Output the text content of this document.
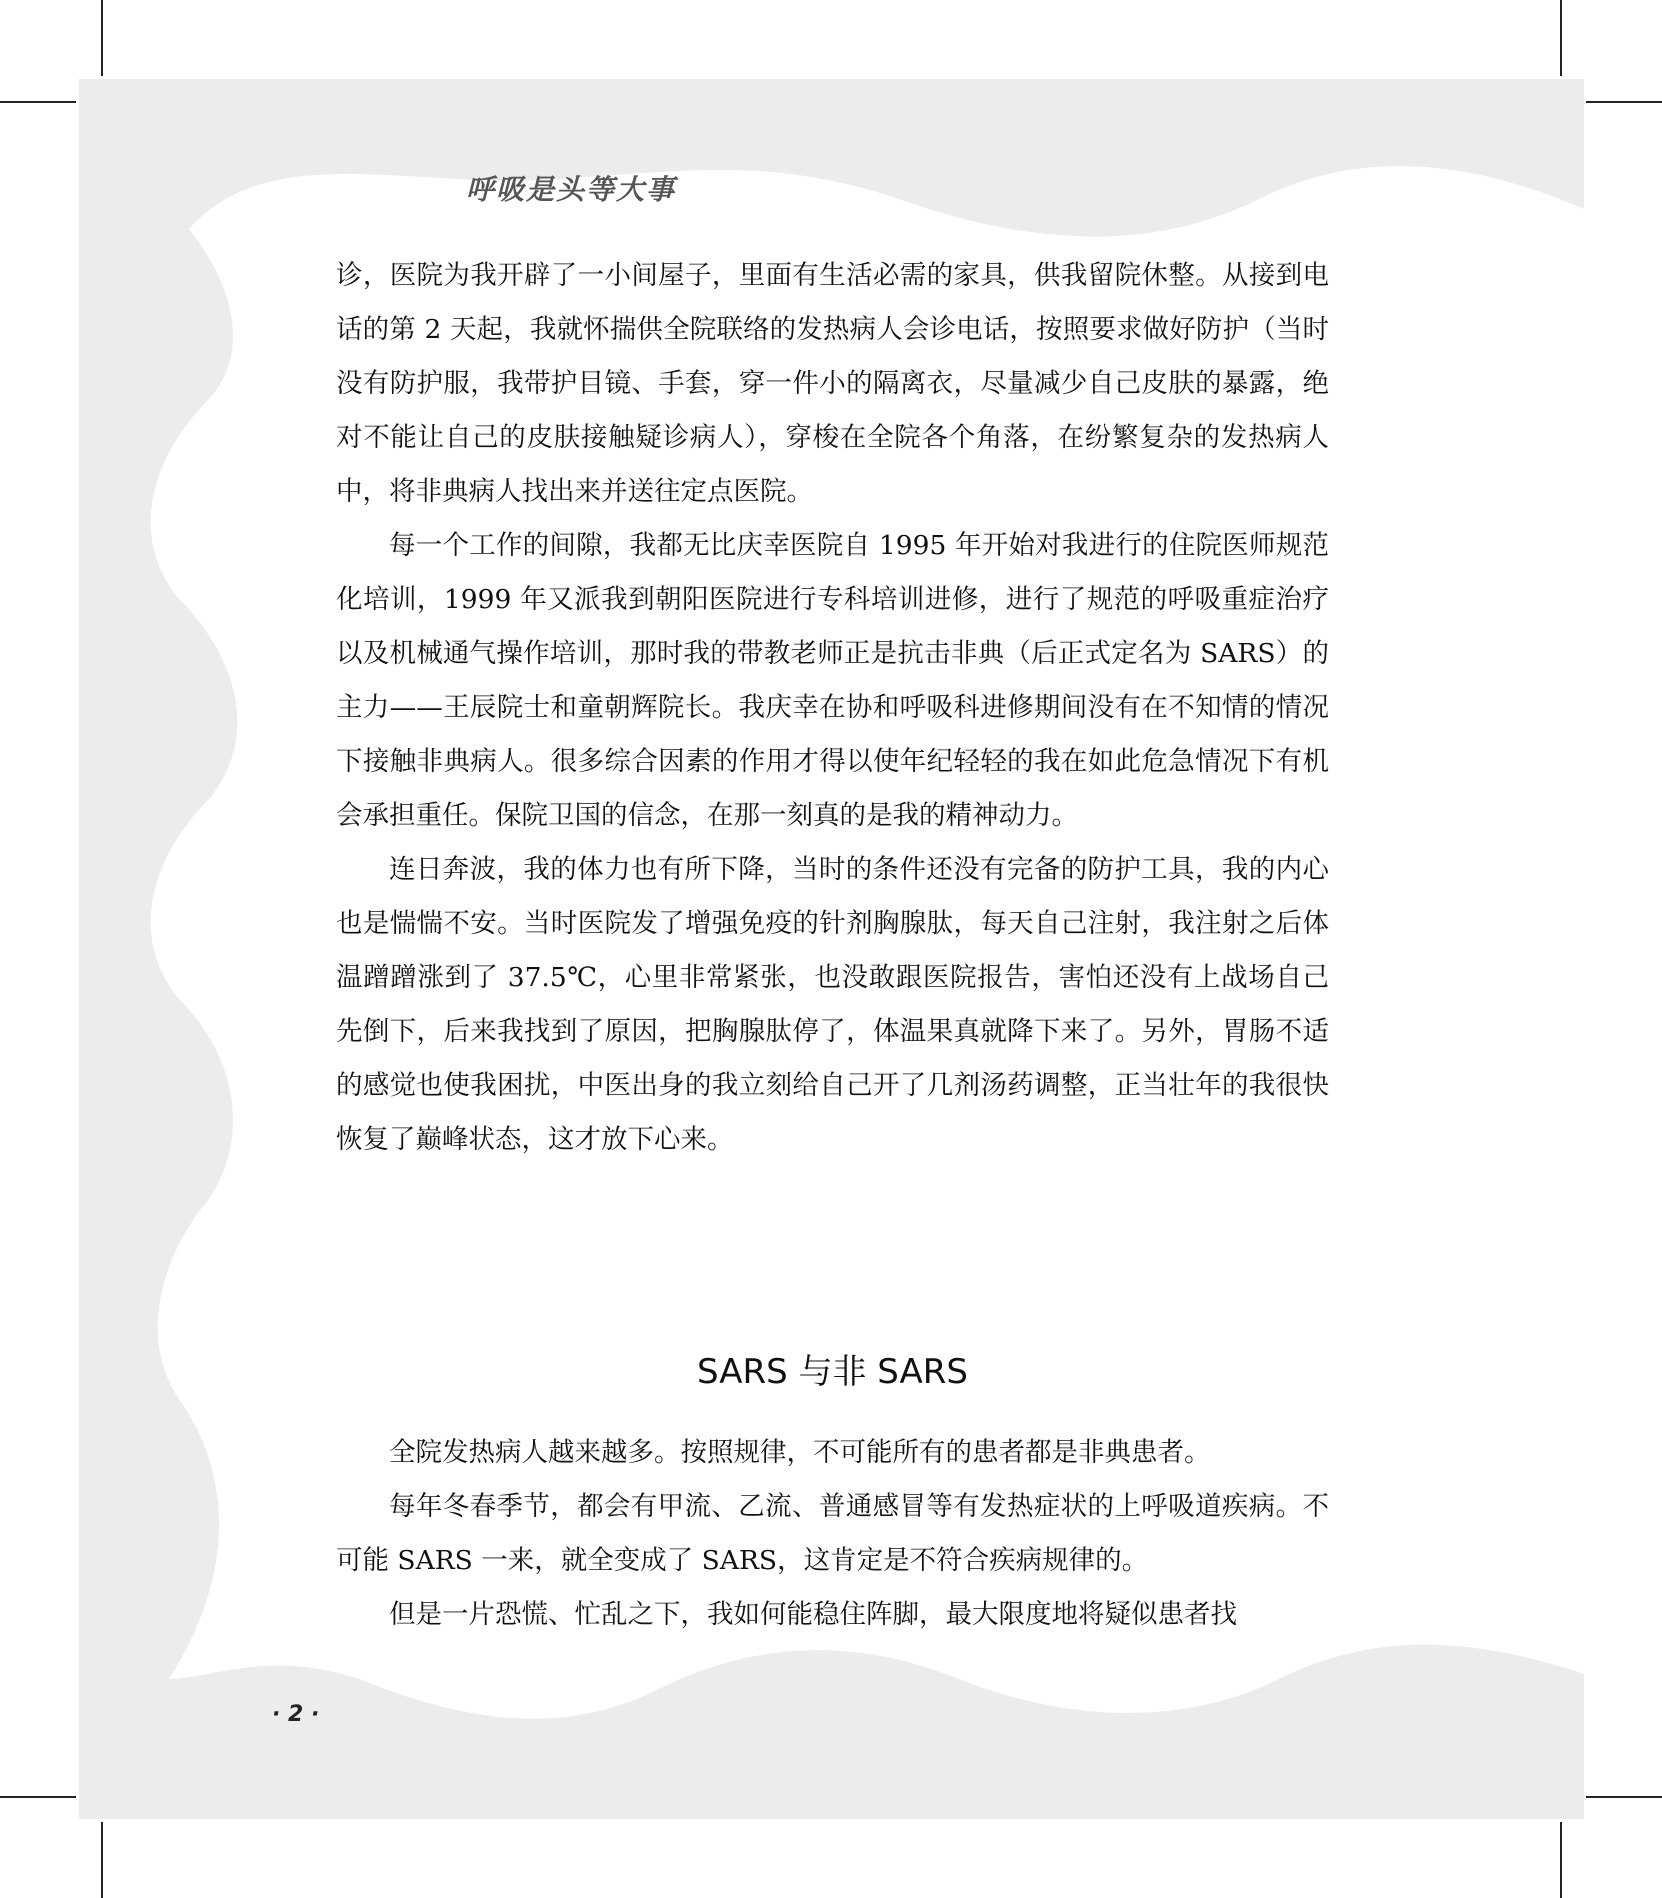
呼吸是头等大事

诊，医院为我开辟了一小间屋子，里面有生活必需的家具，供我留院休整。从接到电话的第 2 天起，我就怀揣供全院联络的发热病人会诊电话，按照要求做好防护（当时没有防护服，我带护目镜、手套，穿一件小的隔离衣，尽量减少自己皮肤的暴露，绝对不能让自己的皮肤接触疑诊病人），穿梭在全院各个角落，在纷繁复杂的发热病人中，将非典病人找出来并送往定点医院。

每一个工作的间隙，我都无比庆幸医院自 1995 年开始对我进行的住院医师规范化培训，1999 年又派我到朝阳医院进行专科培训进修，进行了规范的呼吸重症治疗以及机械通气操作培训，那时我的带教老师正是抗击非典（后正式定名为 SARS）的主力——王辰院士和童朝辉院长。我庆幸在协和呼吸科进修期间没有在不知情的情况下接触非典病人。很多综合因素的作用才得以使年纪轻轻的我在如此危急情况下有机会承担重任。保院卫国的信念，在那一刻真的是我的精神动力。

连日奔波，我的体力也有所下降，当时的条件还没有完备的防护工具，我的内心也是惴惴不安。当时医院发了增强免疫的针剂胸腺肽，每天自己注射，我注射之后体温蹭蹭涨到了 37.5℃，心里非常紧张，也没敢跟医院报告，害怕还没有上战场自己先倒下，后来我找到了原因，把胸腺肽停了，体温果真就降下来了。另外，胃肠不适的感觉也使我困扰，中医出身的我立刻给自己开了几剂汤药调整，正当壮年的我很快恢复了巅峰状态，这才放下心来。

SARS 与非 SARS

全院发热病人越来越多。按照规律，不可能所有的患者都是非典患者。

每年冬春季节，都会有甲流、乙流、普通感冒等有发热症状的上呼吸道疾病。不可能 SARS 一来，就全变成了 SARS，这肯定是不符合疾病规律的。

但是一片恐慌、忙乱之下，我如何能稳住阵脚，最大限度地将疑似患者找

· 2 ·
